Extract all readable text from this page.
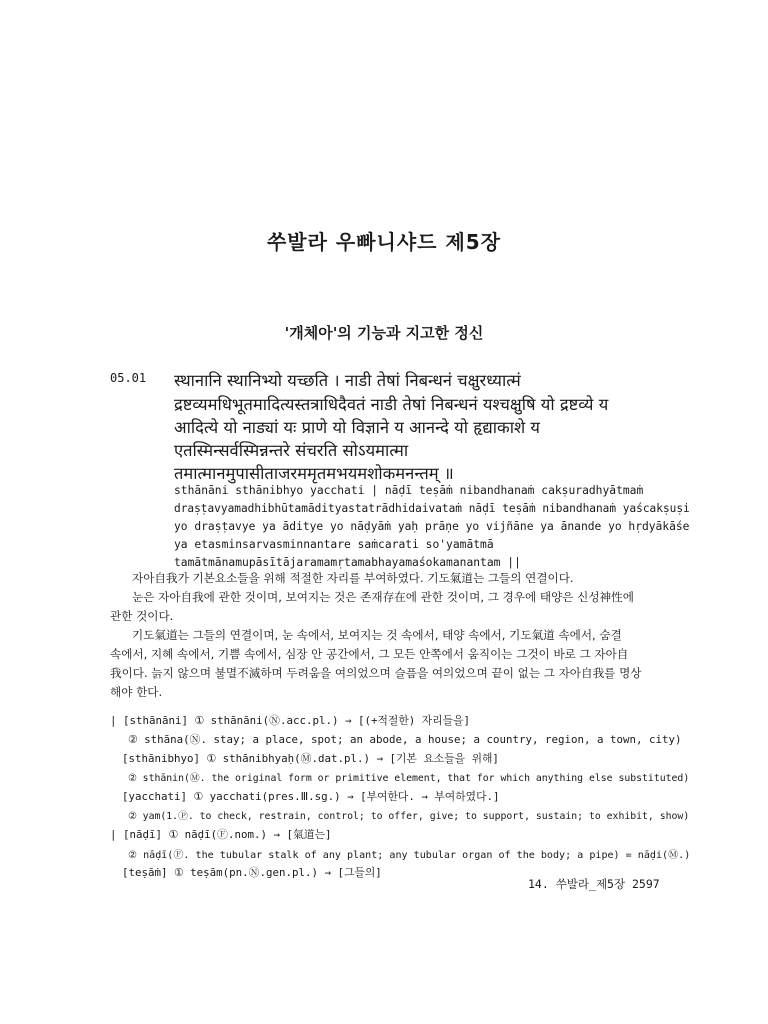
쑤발라 우빠니샤드 제5장
'개체아'의 기능과 지고한 정신
05.01 स्थानानि स्थानिभ्यो यच्छति । नाडी तेषां निबन्धनं चक्षुरध्यात्मं
द्रष्टव्यमधिभूतमादित्यस्तत्राधिदैवतं नाडी तेषां निबन्धनं यश्चक्षुषि यो द्रष्टव्ये य
आदित्ये यो नाड्यां यः प्राणे यो विज्ञाने य आनन्दे यो हृद्याकाशे य
एतस्मिन्सर्वस्मिन्नन्तरे संचरति सोऽयमात्मा
तमात्मानमुपासीताजरममृतमभयमशोकमनन्तम् ॥
sthānāni sthānibhyo yacchati | nāḍī teṣāṁ nibandhanaṁ cakṣuradhyātmaṁ
draṣṭavyamadhibhūtamādityastatrādhidaivataṁ nāḍī teṣāṁ nibandhanaṁ yaścakṣuṣi
yo draṣṭavye ya āditye yo nāḍyāṁ yaḥ prāṇe yo vijñāne ya ānande yo hṛdyākāśe
ya etasminsarvasminnantare saṁcarati so'yamātmā
tamātmānamupāsītājaramamṛtamabhayamaśokamanantam ||
자아自我가 기본요소들을 위해 적절한 자리를 부여하였다. 기도氣道는 그들의 연결이다.
눈은 자아自我에 관한 것이며, 보여지는 것은 존재存在에 관한 것이며, 그 경우에 태양은 신성神性에
관한 것이다.
기도氣道는 그들의 연결이며, 눈 속에서, 보여지는 것 속에서, 태양 속에서, 기도氣道 속에서, 숨결
속에서, 지혜 속에서, 기쁨 속에서, 심장 안 공간에서, 그 모든 안쪽에서 움직이는 그것이 바로 그 자아自
我이다. 늙지 않으며 불멸不滅하며 두려움을 여의었으며 슬픔을 여의었으며 끝이 없는 그 자아自我를 명상
해야 한다.
| [sthānāni] ① sthānāni(Ⓝ.acc.pl.) → [(+적절한) 자리들을]
② sthāna(Ⓝ. stay; a place, spot; an abode, a house; a country, region, a town, city)
[sthānibhyo] ① sthānibhyaḥ(Ⓜ.dat.pl.) → [기본 요소들을 위해]
② sthānin(Ⓜ. the original form or primitive element, that for which anything else substituted)
[yacchati] ① yacchati(pres.Ⅲ.sg.) → [부여한다. → 부여하였다.]
② yam(1.Ⓟ. to check, restrain, control; to offer, give; to support, sustain; to exhibit, show)
| [nāḍī] ① nāḍī(Ⓕ.nom.) → [氣道는]
② nāḍī(Ⓕ. the tubular stalk of any plant; any tubular organ of the body; a pipe) = nāḍi(Ⓜ.)
[teṣāṁ] ① teṣām(pn.Ⓝ.gen.pl.) → [그들의]
14. 쑤발라_제5장 2597
